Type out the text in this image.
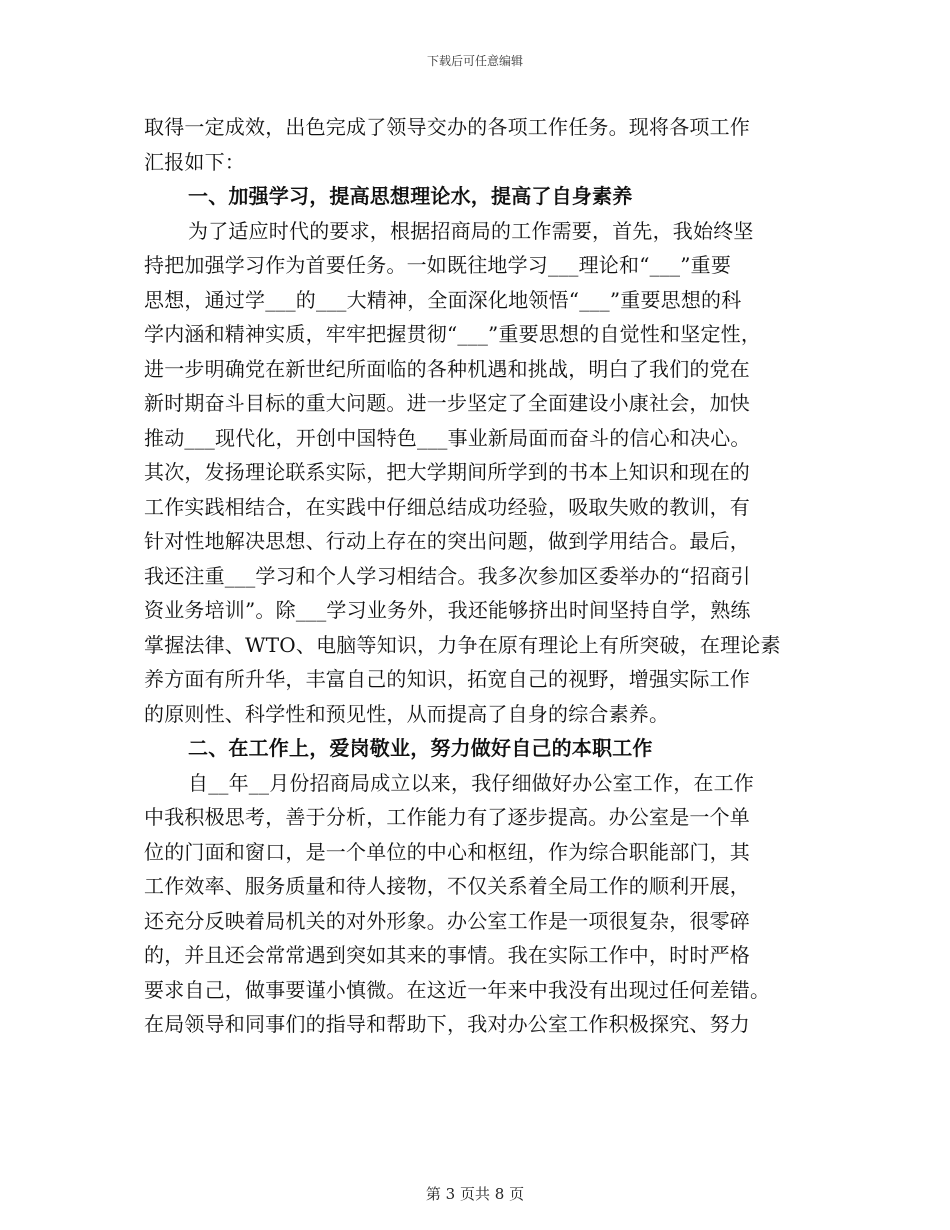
下载后可任意编辑
取得一定成效，出色完成了领导交办的各项工作任务。现将各项工作
汇报如下：
一、加强学习，提高思想理论水，提高了自身素养
为了适应时代的要求，根据招商局的工作需要，首先，我始终坚
持把加强学习作为首要任务。一如既往地学习___理论和“___”重要
思想，通过学___的___大精神，全面深化地领悟“___”重要思想的科
学内涵和精神实质，牢牢把握贯彻“___”重要思想的自觉性和坚定性，
进一步明确党在新世纪所面临的各种机遇和挑战，明白了我们的党在
新时期奋斗目标的重大问题。进一步坚定了全面建设小康社会，加快
推动___现代化，开创中国特色___事业新局面而奋斗的信心和决心。
其次，发扬理论联系实际，把大学期间所学到的书本上知识和现在的
工作实践相结合，在实践中仔细总结成功经验，吸取失败的教训，有
针对性地解决思想、行动上存在的突出问题，做到学用结合。最后，
我还注重___学习和个人学习相结合。我多次参加区委举办的“招商引
资业务培训”。除___学习业务外，我还能够挤出时间坚持自学，熟练
掌握法律、WTO、电脑等知识，力争在原有理论上有所突破，在理论素
养方面有所升华，丰富自己的知识，拓宽自己的视野，增强实际工作
的原则性、科学性和预见性，从而提高了自身的综合素养。
二、在工作上，爱岗敬业，努力做好自己的本职工作
自__年__月份招商局成立以来，我仔细做好办公室工作，在工作
中我积极思考，善于分析，工作能力有了逐步提高。办公室是一个单
位的门面和窗口，是一个单位的中心和枢纽，作为综合职能部门，其
工作效率、服务质量和待人接物，不仅关系着全局工作的顺利开展，
还充分反映着局机关的对外形象。办公室工作是一项很复杂，很零碎
的，并且还会常常遇到突如其来的事情。我在实际工作中，时时严格
要求自己，做事要谨小慎微。在这近一年来中我没有出现过任何差错。
在局领导和同事们的指导和帮助下，我对办公室工作积极探究、努力
第 3 页共 8 页
